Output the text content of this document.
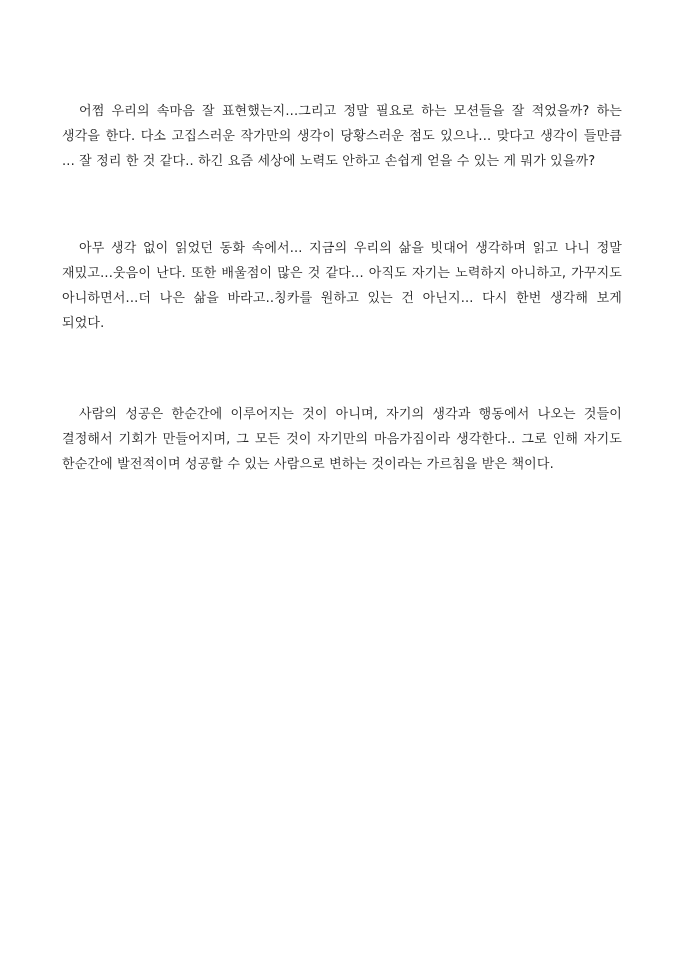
어쩜 우리의 속마음 잘 표현했는지...그리고 정말 필요로 하는 모션들을 잘 적었을까? 하는 생각을 한다. 다소 고집스러운 작가만의 생각이 당황스러운 점도 있으나... 맞다고 생각이 들만큼 ... 잘 정리 한 것 같다.. 하긴 요즘 세상에 노력도 안하고 손쉽게 얻을 수 있는 게 뭐가 있을까?

아무 생각 없이 읽었던 동화 속에서... 지금의 우리의 삶을 빗대어 생각하며 읽고 나니 정말 재밌고...웃음이 난다. 또한 배울점이 많은 것 같다... 아직도 자기는 노력하지 아니하고, 가꾸지도 아니하면서...더 나은 삶을 바라고..칭카를 원하고 있는 건 아닌지... 다시 한번 생각해 보게 되었다.

사람의 성공은 한순간에 이루어지는 것이 아니며, 자기의 생각과 행동에서 나오는 것들이 결정해서 기회가 만들어지며, 그 모든 것이 자기만의 마음가짐이라 생각한다.. 그로 인해 자기도 한순간에 발전적이며 성공할 수 있는 사람으로 변하는 것이라는 가르침을 받은 책이다.
